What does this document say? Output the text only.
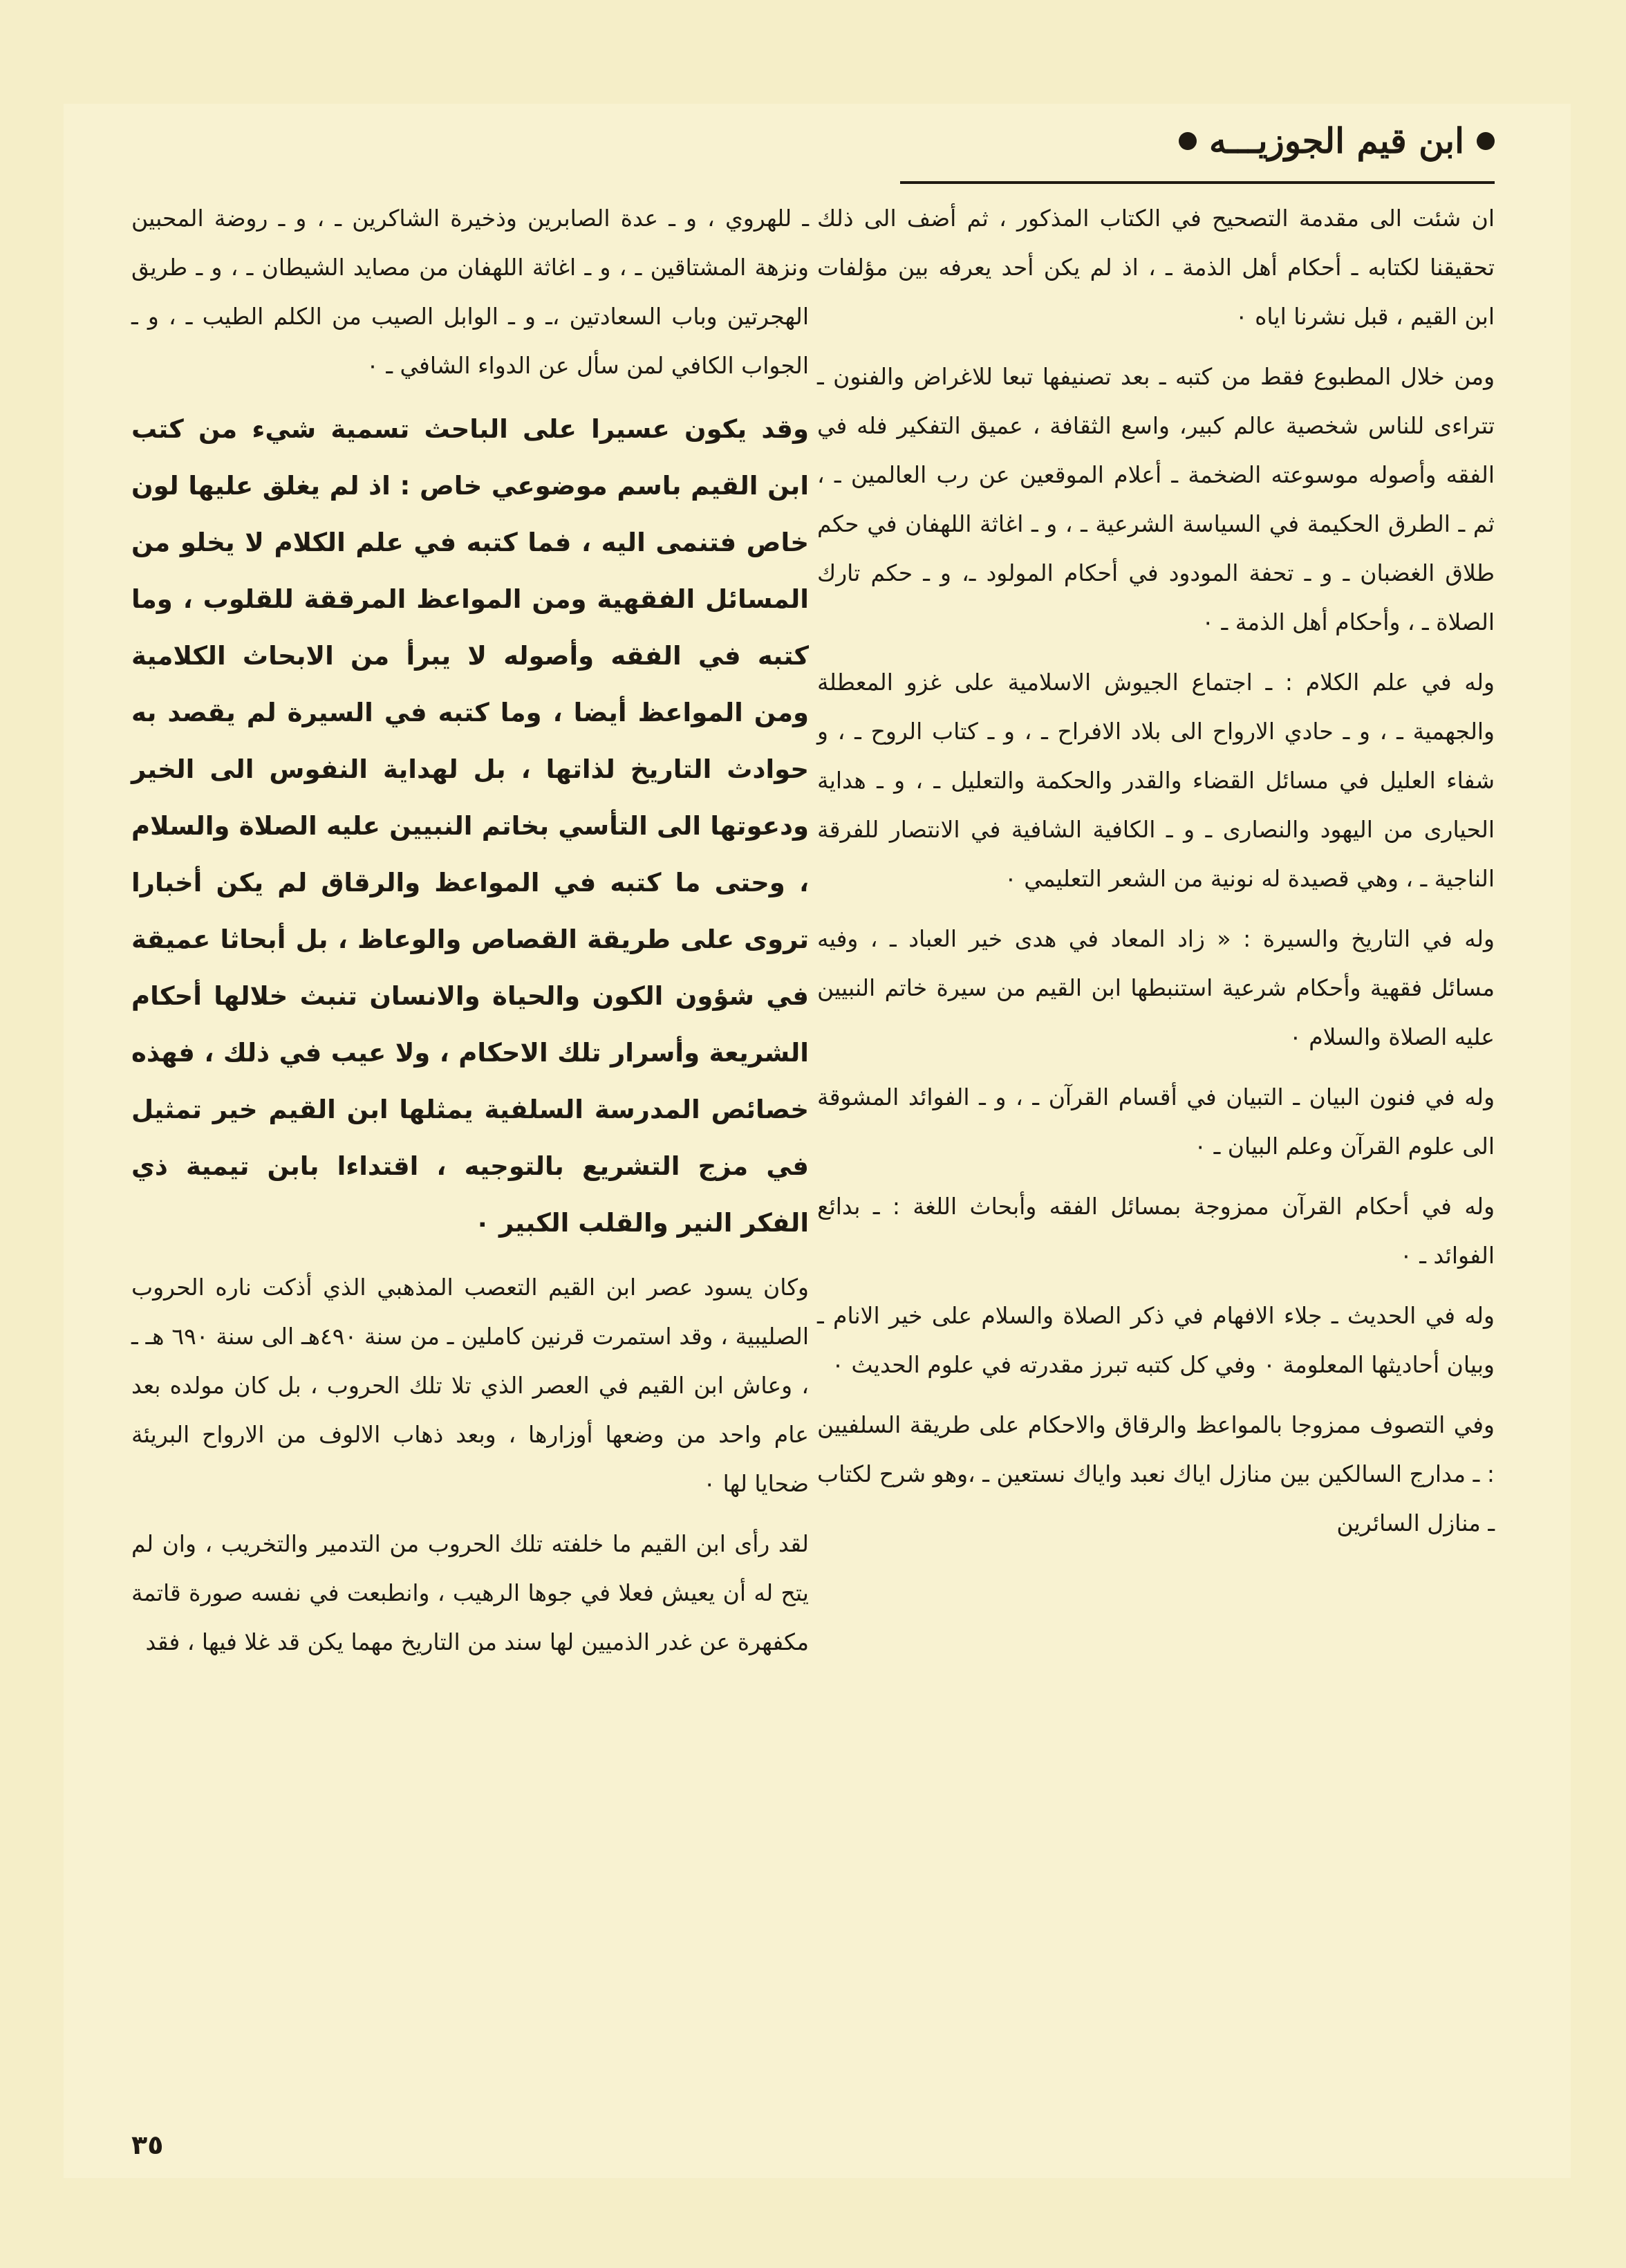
ابن قيم الجوزيـــه

ان شئت الى مقدمة التصحيح في الكتاب المذكور ، ثم أضف الى ذلك تحقيقنا لكتابه ـ أحكام أهل الذمة ـ ، اذ لم يكن أحد يعرفه بين مؤلفات ابن القيم ، قبل نشرنا اياه ٠

ومن خلال المطبوع فقط من كتبه ـ بعد تصنيفها تبعا للاغراض والفنون ـ تتراءى للناس شخصية عالم كبير، واسع الثقافة ، عميق التفكير فله في الفقه وأصوله موسوعته الضخمة ـ أعلام الموقعين عن رب العالمين ـ ، ثم ـ الطرق الحكيمة في السياسة الشرعية ـ ، و ـ اغاثة اللهفان في حكم طلاق الغضبان ـ و ـ تحفة المودود في أحكام المولود ـ، و ـ حكم تارك الصلاة ـ ، وأحكام أهل الذمة ـ ٠

وله في علم الكلام : ـ اجتماع الجيوش الاسلامية على غزو المعطلة والجهمية ـ ، و ـ حادي الارواح الى بلاد الافراح ـ ، و ـ كتاب الروح ـ ، و شفاء العليل في مسائل القضاء والقدر والحكمة والتعليل ـ ، و ـ هداية الحيارى من اليهود والنصارى ـ و ـ الكافية الشافية في الانتصار للفرقة الناجية ـ ، وهي قصيدة له نونية من الشعر التعليمي ٠

وله في التاريخ والسيرة : « زاد المعاد في هدى خير العباد ـ ، وفيه مسائل فقهية وأحكام شرعية استنبطها ابن القيم من سيرة خاتم النبيين عليه الصلاة والسلام ٠

وله في فنون البيان ـ التبيان في أقسام القرآن ـ ، و ـ الفوائد المشوقة الى علوم القرآن وعلم البيان ـ ٠

وله في أحكام القرآن ممزوجة بمسائل الفقه وأبحاث اللغة : ـ بدائع الفوائد ـ ٠

وله في الحديث ـ جلاء الافهام في ذكر الصلاة والسلام على خير الانام ـ وبيان أحاديثها المعلومة ٠ وفي كل كتبه تبرز مقدرته في علوم الحديث ٠

وفي التصوف ممزوجا بالمواعظ والرقاق والاحكام على طريقة السلفيين : ـ مدارج السالكين بين منازل اياك نعبد واياك نستعين ـ ،وهو شرح لكتاب ـ منازل السائرين

ـ للهروي ، و ـ عدة الصابرين وذخيرة الشاكرين ـ ، و ـ روضة المحبين ونزهة المشتاقين ـ ، و ـ اغاثة اللهفان من مصايد الشيطان ـ ، و ـ طريق الهجرتين وباب السعادتين ،ـ و ـ الوابل الصيب من الكلم الطيب ـ ، و ـ الجواب الكافي لمن سأل عن الدواء الشافي ـ ٠

وقد يكون عسيرا على الباحث تسمية شيء من كتب ابن القيم باسم موضوعي خاص : اذ لم يغلق عليها لون خاص فتنمى اليه ، فما كتبه في علم الكلام لا يخلو من المسائل الفقهية ومن المواعظ المرققة للقلوب ، وما كتبه في الفقه وأصوله لا يبرأ من الابحاث الكلامية ومن المواعظ أيضا ، وما كتبه في السيرة لم يقصد به حوادث التاريخ لذاتها ، بل لهداية النفوس الى الخير ودعوتها الى التأسي بخاتم النبيين عليه الصلاة والسلام ، وحتى ما كتبه في المواعظ والرقاق لم يكن أخبارا تروى على طريقة القصاص والوعاظ ، بل أبحاثا عميقة في شؤون الكون والحياة والانسان تنبث خلالها أحكام الشريعة وأسرار تلك الاحكام ، ولا عيب في ذلك ، فهذه خصائص المدرسة السلفية يمثلها ابن القيم خير تمثيل في مزج التشريع بالتوجيه ، اقتداءا بابن تيمية ذي الفكر النير والقلب الكبير ٠

وكان يسود عصر ابن القيم التعصب المذهبي الذي أذكت ناره الحروب الصليبية ، وقد استمرت قرنين كاملين ـ من سنة ٤٩٠هـ الى سنة ٦٩٠ هـ ـ ، وعاش ابن القيم في العصر الذي تلا تلك الحروب ، بل كان مولده بعد عام واحد من وضعها أوزارها ، وبعد ذهاب الالوف من الارواح البريئة ضحايا لها ٠

لقد رأى ابن القيم ما خلفته تلك الحروب من التدمير والتخريب ، وان لم يتح له أن يعيش فعلا في جوها الرهيب ، وانطبعت في نفسه صورة قاتمة مكفهرة عن غدر الذميين لها سند من التاريخ مهما يكن قد غلا فيها ، فقد

٣٥
